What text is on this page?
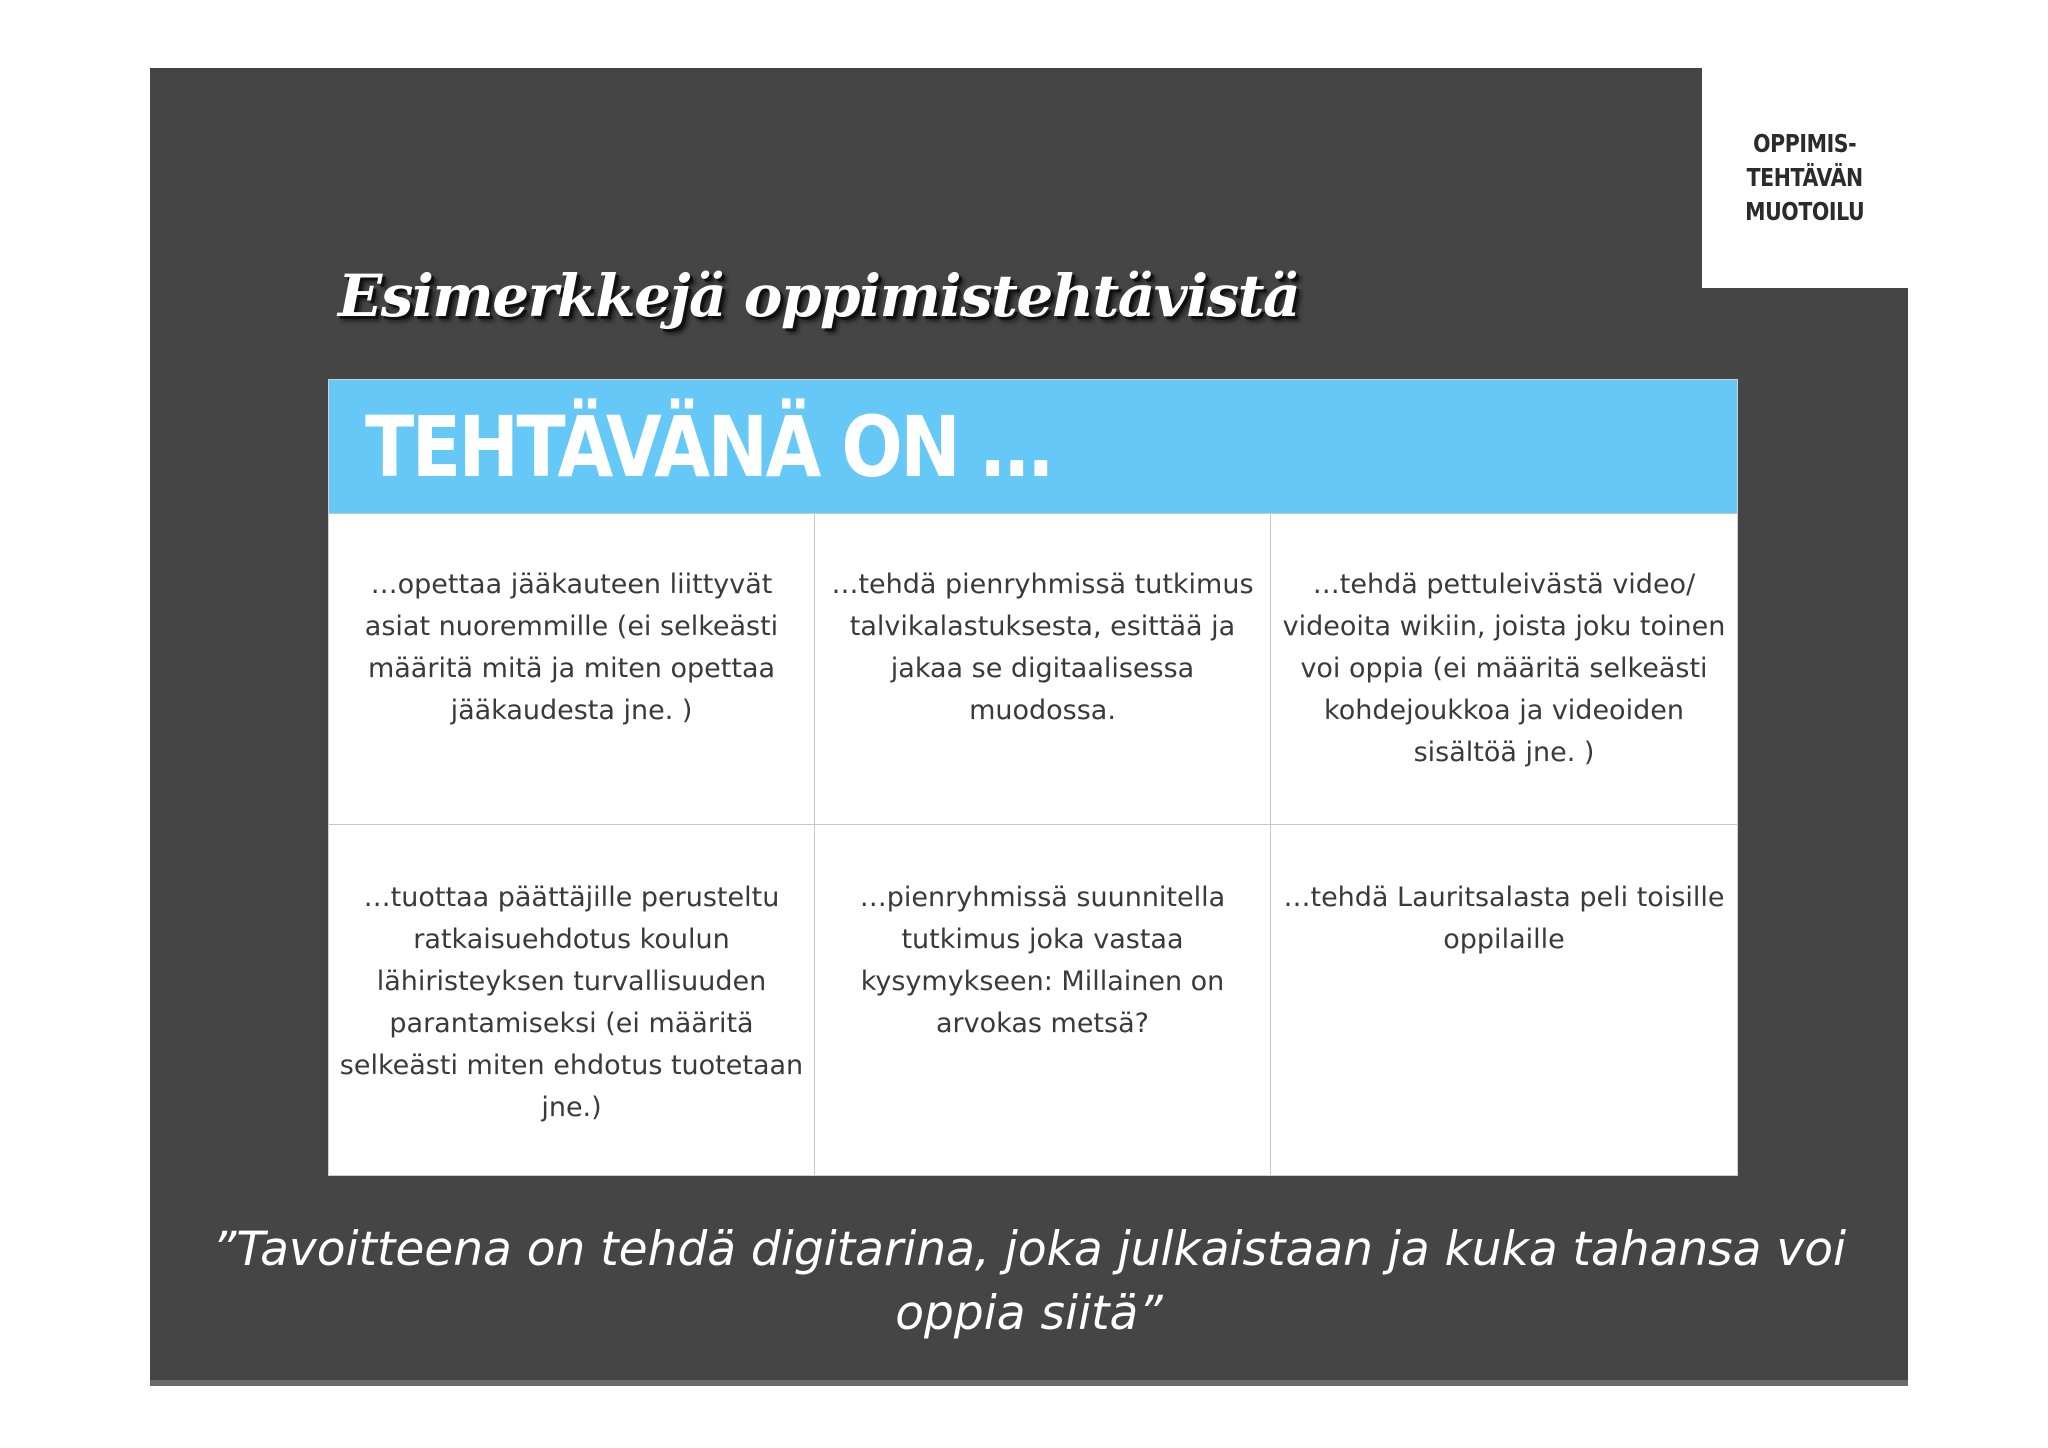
OPPIMIS-
TEHTÄVÄN
MUOTOILU
Esimerkkejä oppimistehtävistä
TEHTÄVÄNÄ ON …
…opettaa jääkauteen liittyvät asiat nuoremmille (ei selkeästi määritä mitä ja miten opettaa jääkaudesta jne. )
…tehdä pienryhmissä tutkimus talvikalastuksesta, esittää ja jakaa se digitaalisessa muodossa.
…tehdä pettuleivästä video/ videoita wikiin, joista joku toinen voi oppia (ei määritä selkeästi kohdejoukkoa ja videoiden sisältöä jne. )
…tuottaa päättäjille perusteltu ratkaisuehdotus koulun lähiristeyksen turvallisuuden parantamiseksi (ei määritä selkeästi miten ehdotus tuotetaan jne.)
…pienryhmissä suunnitella tutkimus joka vastaa kysymykseen: Millainen on arvokas metsä?
…tehdä Lauritsalasta peli toisille oppilaille
”Tavoitteena on tehdä digitarina, joka julkaistaan ja kuka tahansa voi
oppia siitä”
